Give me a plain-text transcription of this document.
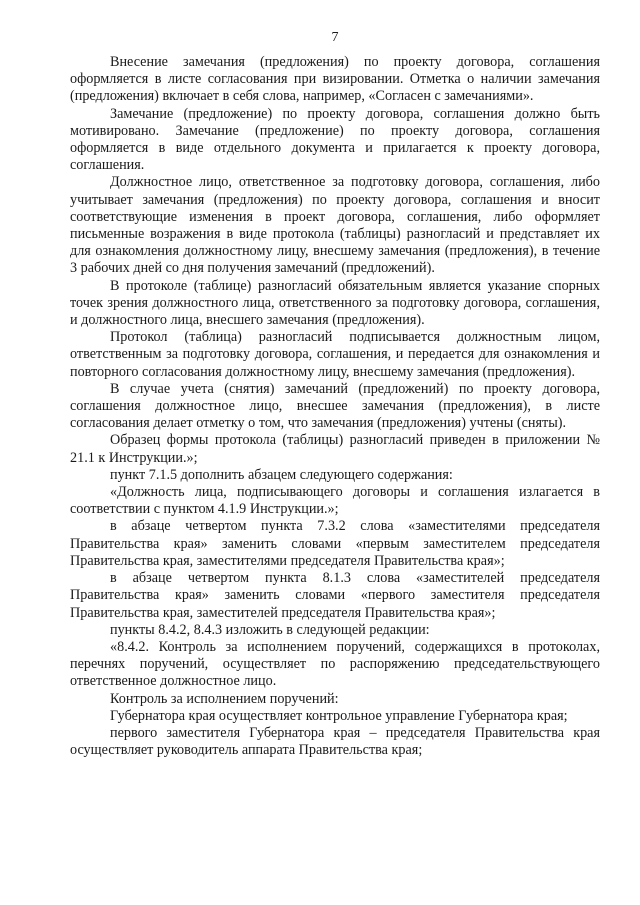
7

Внесение замечания (предложения) по проекту договора, соглашения оформляется в листе согласования при визировании. Отметка о наличии замечания (предложения) включает в себя слова, например, «Согласен с замечаниями».

Замечание (предложение) по проекту договора, соглашения должно быть мотивировано. Замечание (предложение) по проекту договора, соглашения оформляется в виде отдельного документа и прилагается к проекту договора, соглашения.

Должностное лицо, ответственное за подготовку договора, соглашения, либо учитывает замечания (предложения) по проекту договора, соглашения и вносит соответствующие изменения в проект договора, соглашения, либо оформляет письменные возражения в виде протокола (таблицы) разногласий и представляет их для ознакомления должностному лицу, внесшему замечания (предложения), в течение 3 рабочих дней со дня получения замечаний (предложений).

В протоколе (таблице) разногласий обязательным является указание спорных точек зрения должностного лица, ответственного за подготовку договора, соглашения, и должностного лица, внесшего замечания (предложения).

Протокол (таблица) разногласий подписывается должностным лицом, ответственным за подготовку договора, соглашения, и передается для ознакомления и повторного согласования должностному лицу, внесшему замечания (предложения).

В случае учета (снятия) замечаний (предложений) по проекту договора, соглашения должностное лицо, внесшее замечания (предложения), в листе согласования делает отметку о том, что замечания (предложения) учтены (сняты).

Образец формы протокола (таблицы) разногласий приведен в приложении № 21.1 к Инструкции.»;

пункт 7.1.5 дополнить абзацем следующего содержания:

«Должность лица, подписывающего договоры и соглашения излагается в соответствии с пунктом 4.1.9 Инструкции.»;

в абзаце четвертом пункта 7.3.2 слова «заместителями председателя Правительства края» заменить словами «первым заместителем председателя Правительства края, заместителями председателя Правительства края»;

в абзаце четвертом пункта 8.1.3 слова «заместителей председателя Правительства края» заменить словами «первого заместителя председателя Правительства края, заместителей председателя Правительства края»;

пункты 8.4.2, 8.4.3 изложить в следующей редакции:

«8.4.2. Контроль за исполнением поручений, содержащихся в протоколах, перечнях поручений, осуществляет по распоряжению председательствующего ответственное должностное лицо.

Контроль за исполнением поручений:

Губернатора края осуществляет контрольное управление Губернатора края;

первого заместителя Губернатора края – председателя Правительства края осуществляет руководитель аппарата Правительства края;
